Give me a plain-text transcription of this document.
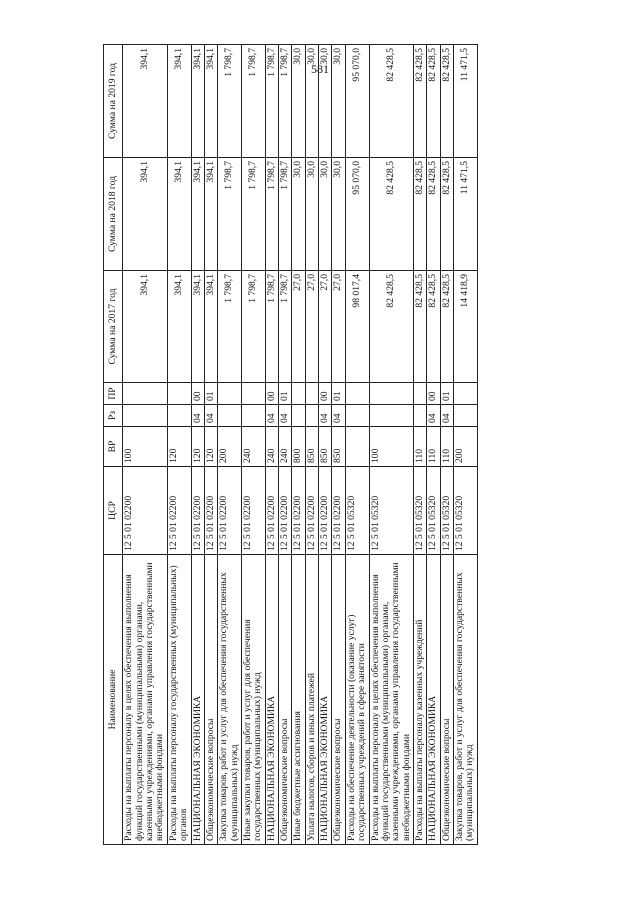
581
Наименование	ЦСР	ВР	Рз	ПР	Сумма на 2017 год	Сумма на 2018 год	Сумма на 2019 год
Расходы на выплаты персоналу в целях обеспечения выполнения функций государственными (муниципальными) органами, казенными учреждениями, органами управления государственными внебюджетными фондами	12 5 01 02200	100			394,1	394,1	394,1
Расходы на выплаты персоналу государственных (муниципальных) органов	12 5 01 02200	120			394,1	394,1	394,1
НАЦИОНАЛЬНАЯ ЭКОНОМИКА	12 5 01 02200	120	04	00	394,1	394,1	394,1
Общеэкономические вопросы	12 5 01 02200	120	04	01	394,1	394,1	394,1
Закупка товаров, работ и услуг для обеспечения государственных (муниципальных) нужд	12 5 01 02200	200			1 798,7	1 798,7	1 798,7
Иные закупки товаров, работ и услуг для обеспечения государственных (муниципальных) нужд	12 5 01 02200	240			1 798,7	1 798,7	1 798,7
НАЦИОНАЛЬНАЯ ЭКОНОМИКА	12 5 01 02200	240	04	00	1 798,7	1 798,7	1 798,7
Общеэкономические вопросы	12 5 01 02200	240	04	01	1 798,7	1 798,7	1 798,7
Иные бюджетные ассигнования	12 5 01 02200	800			27,0	30,0	30,0
Уплата налогов, сборов и иных платежей	12 5 01 02200	850			27,0	30,0	30,0
НАЦИОНАЛЬНАЯ ЭКОНОМИКА	12 5 01 02200	850	04	00	27,0	30,0	30,0
Общеэкономические вопросы	12 5 01 02200	850	04	01	27,0	30,0	30,0
Расходы на обеспечение деятельности (оказание услуг) государственных учреждений в сфере занятости	12 5 01 05320				98 017,4	95 070,0	95 070,0
Расходы на выплаты персоналу в целях обеспечения выполнения функций государственными (муниципальными) органами, казенными учреждениями, органами управления государственными внебюджетными фондами	12 5 01 05320	100			82 428,5	82 428,5	82 428,5
Расходы на выплаты персоналу казенных учреждений	12 5 01 05320	110			82 428,5	82 428,5	82 428,5
НАЦИОНАЛЬНАЯ ЭКОНОМИКА	12 5 01 05320	110	04	00	82 428,5	82 428,5	82 428,5
Общеэкономические вопросы	12 5 01 05320	110	04	01	82 428,5	82 428,5	82 428,5
Закупка товаров, работ и услуг для обеспечения государственных (муниципальных) нужд	12 5 01 05320	200			14 418,9	11 471,5	11 471,5
